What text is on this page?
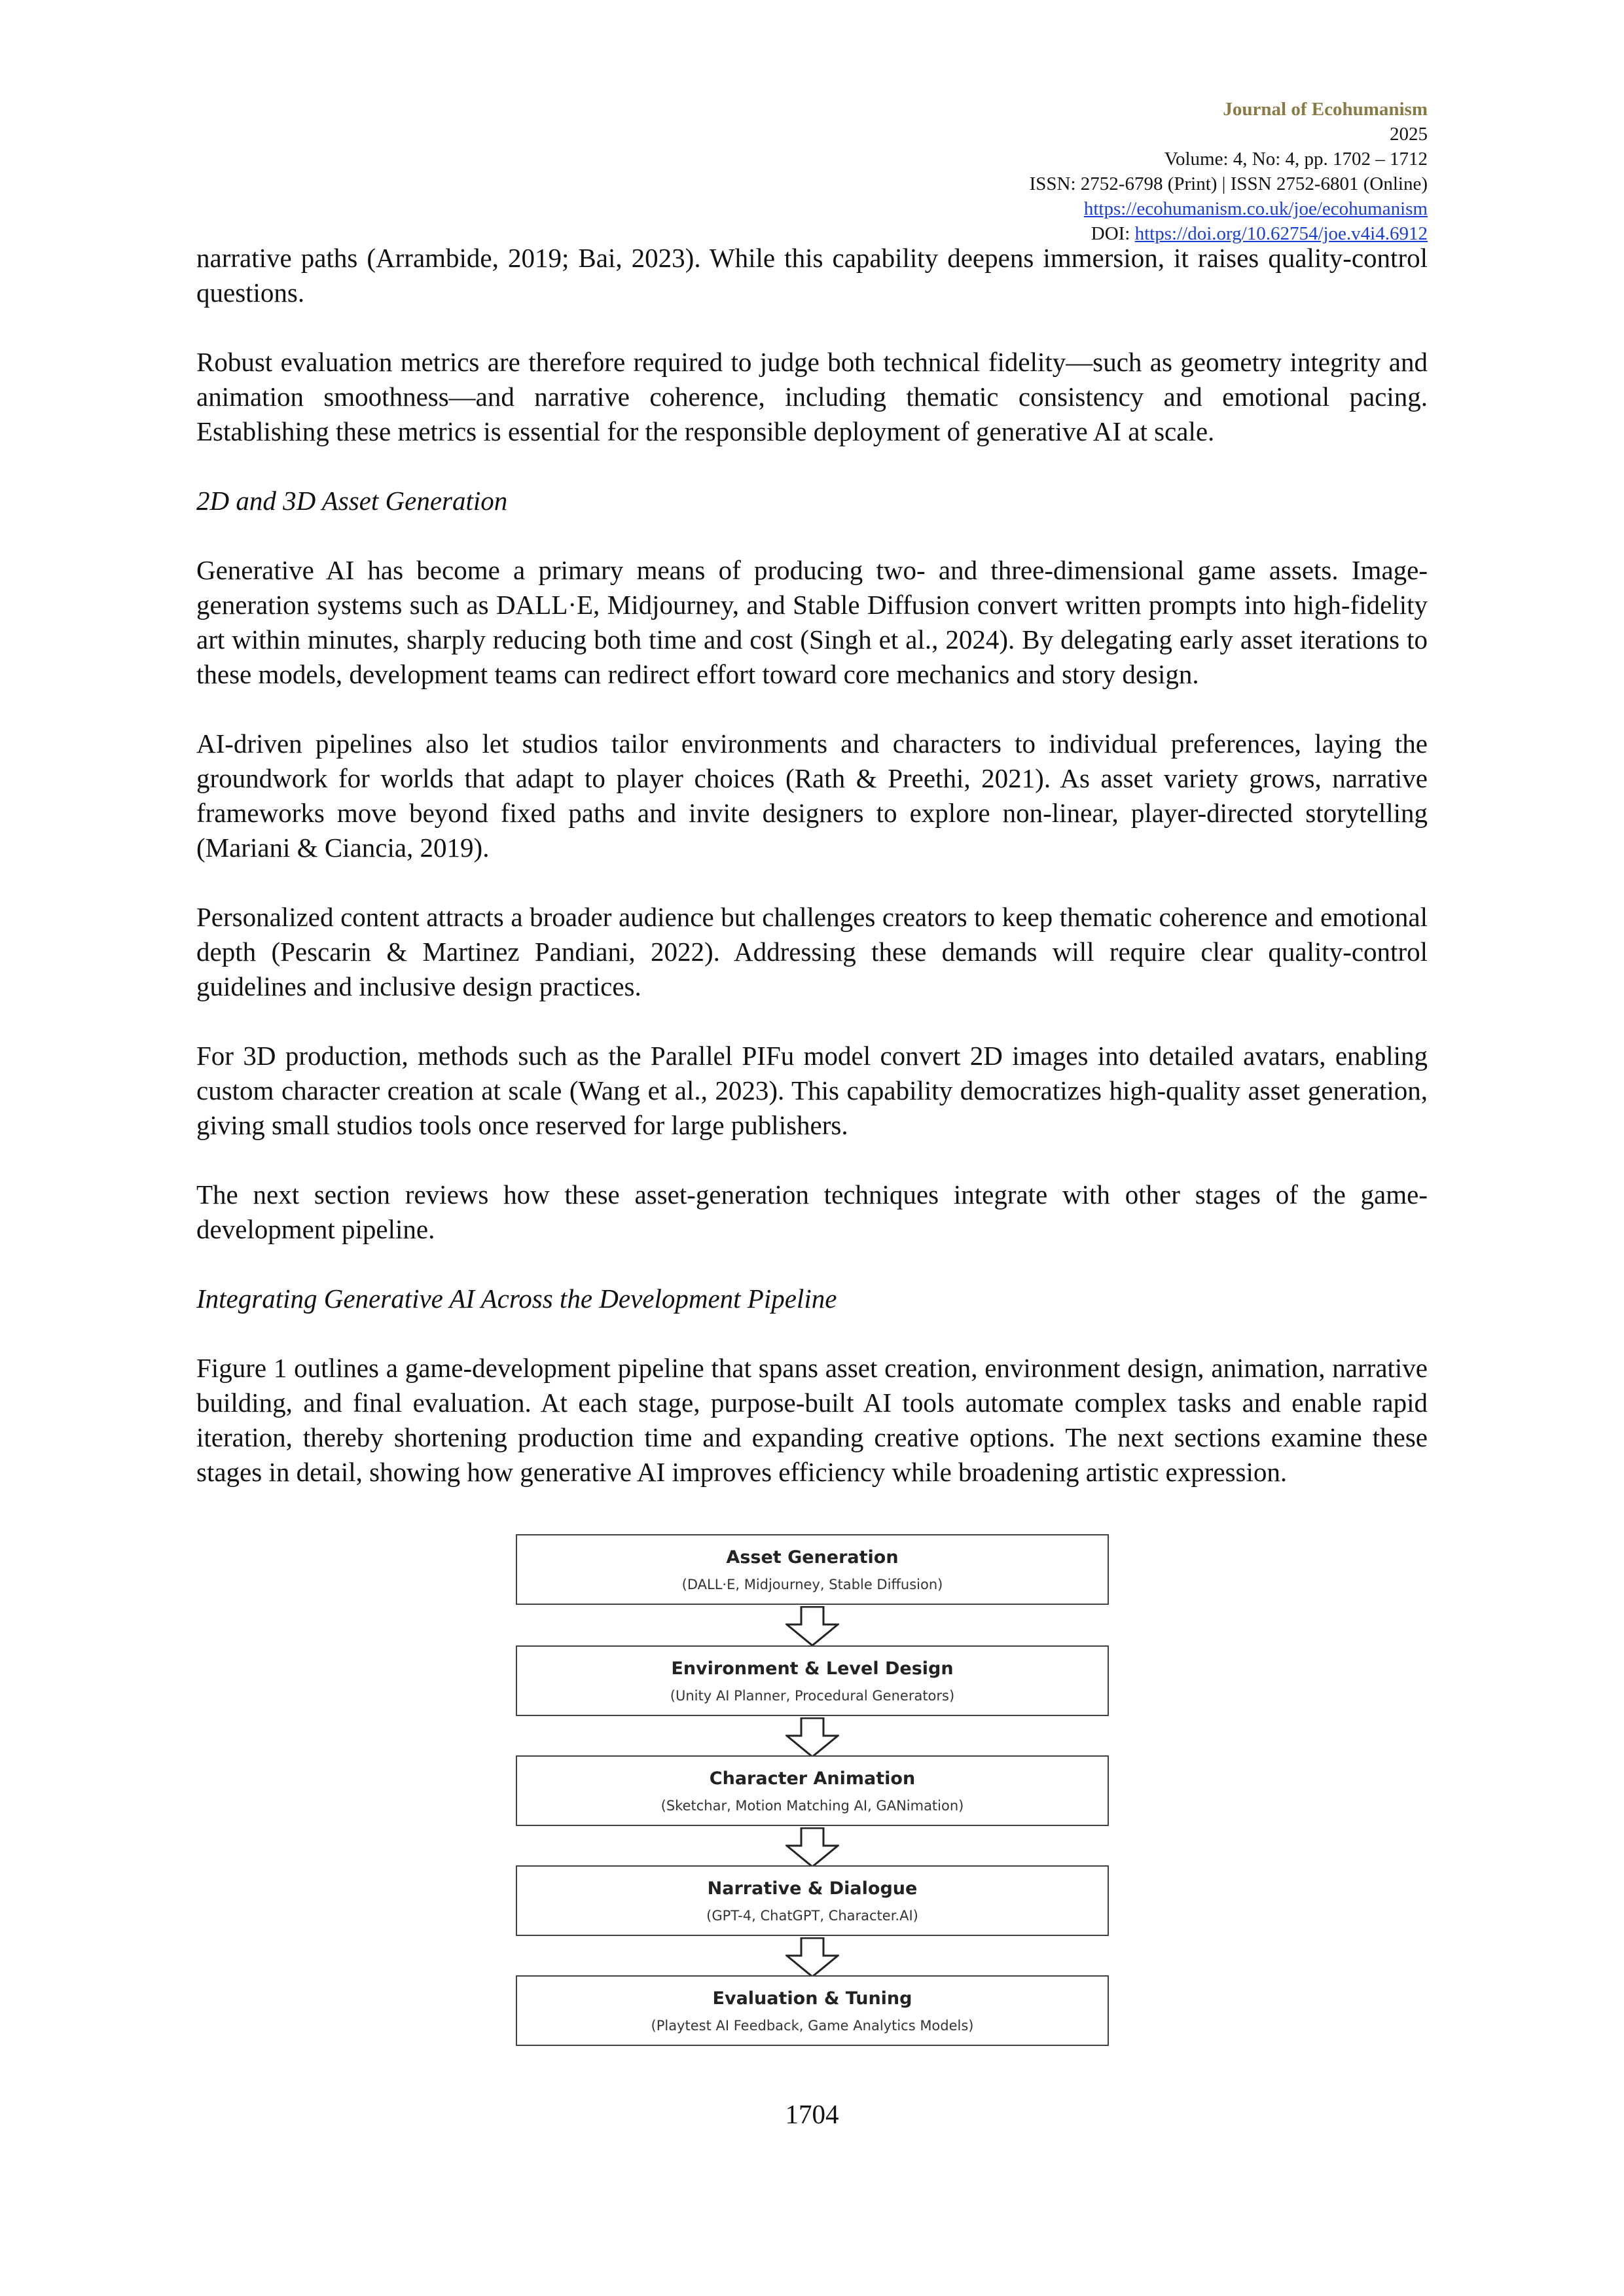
Journal of Ecohumanism
2025
Volume: 4, No: 4, pp. 1702 – 1712
ISSN: 2752-6798 (Print) | ISSN 2752-6801 (Online)
https://ecohumanism.co.uk/joe/ecohumanism
DOI: https://doi.org/10.62754/joe.v4i4.6912

narrative paths (Arrambide, 2019; Bai, 2023). While this capability deepens immersion, it raises quality-control questions.

Robust evaluation metrics are therefore required to judge both technical fidelity—such as geometry integrity and animation smoothness—and narrative coherence, including thematic consistency and emotional pacing. Establishing these metrics is essential for the responsible deployment of generative AI at scale.

2D and 3D Asset Generation

Generative AI has become a primary means of producing two- and three-dimensional game assets. Image-generation systems such as DALL·E, Midjourney, and Stable Diffusion convert written prompts into high-fidelity art within minutes, sharply reducing both time and cost (Singh et al., 2024). By delegating early asset iterations to these models, development teams can redirect effort toward core mechanics and story design.

AI-driven pipelines also let studios tailor environments and characters to individual preferences, laying the groundwork for worlds that adapt to player choices (Rath & Preethi, 2021). As asset variety grows, narrative frameworks move beyond fixed paths and invite designers to explore non-linear, player-directed storytelling (Mariani & Ciancia, 2019).

Personalized content attracts a broader audience but challenges creators to keep thematic coherence and emotional depth (Pescarin & Martinez Pandiani, 2022). Addressing these demands will require clear quality-control guidelines and inclusive design practices.

For 3D production, methods such as the Parallel PIFu model convert 2D images into detailed avatars, enabling custom character creation at scale (Wang et al., 2023). This capability democratizes high-quality asset generation, giving small studios tools once reserved for large publishers.

The next section reviews how these asset-generation techniques integrate with other stages of the game-development pipeline.

Integrating Generative AI Across the Development Pipeline

Figure 1 outlines a game-development pipeline that spans asset creation, environment design, animation, narrative building, and final evaluation. At each stage, purpose-built AI tools automate complex tasks and enable rapid iteration, thereby shortening production time and expanding creative options. The next sections examine these stages in detail, showing how generative AI improves efficiency while broadening artistic expression.

Asset Generation
(DALL·E, Midjourney, Stable Diffusion)
Environment & Level Design
(Unity AI Planner, Procedural Generators)
Character Animation
(Sketchar, Motion Matching AI, GANimation)
Narrative & Dialogue
(GPT-4, ChatGPT, Character.AI)
Evaluation & Tuning
(Playtest AI Feedback, Game Analytics Models)
1704
